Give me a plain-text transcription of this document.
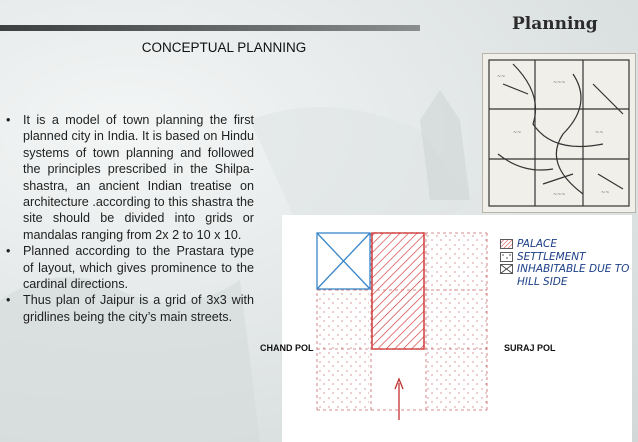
Planning
CONCEPTUAL PLANNING
• It is a model of town planning the first planned city in India. It is based on Hindu systems of town planning and followed the principles prescribed in the Shilpa-shastra, an ancient Indian treatise on architecture .according to this shastra the site should be divided into grids or mandalas ranging from 2x 2 to 10 x 10.
• Planned according to the Prastara type of layout, which gives prominence to the cardinal directions.
• Thus plan of Jaipur is a grid of 3x3 with gridlines being the city’s main streets.
~~
~~~
~~
~~
~~~	~~
CHAND POL	SURAJ POL
PALACE
SETTLEMENT
INHABITABLE DUE TO HILL SIDE
